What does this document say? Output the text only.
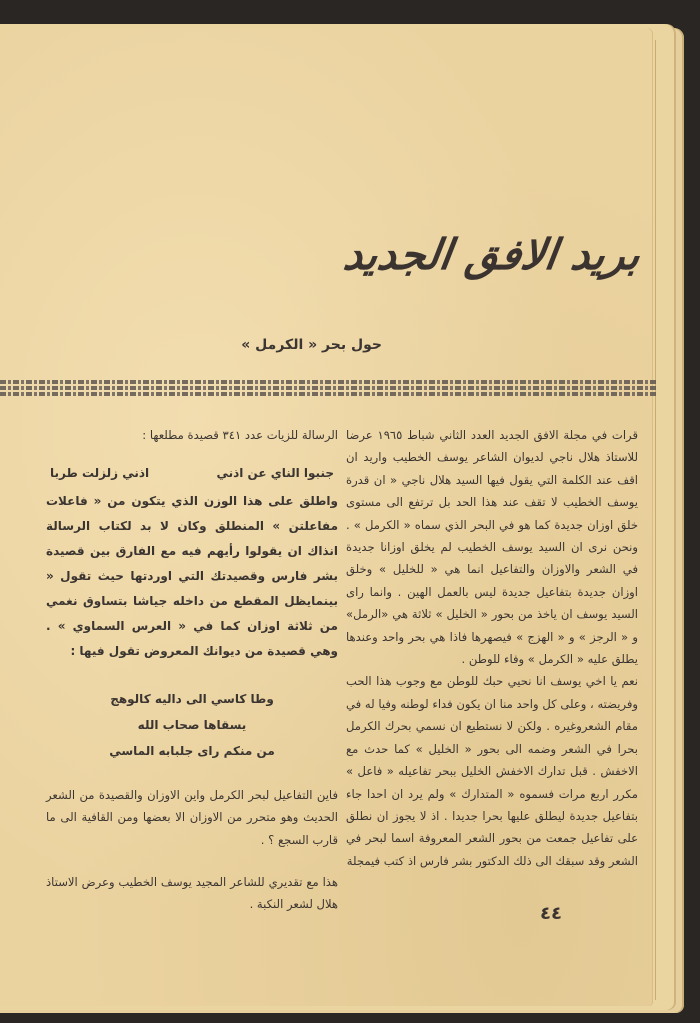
بريد الافق الجديد
حول بحر « الكرمل »

قرات في مجلة الافق الجديد العدد الثاني شباط ١٩٦٥ عرضا للاستاذ هلال ناجي لديوان الشاعر يوسف الخطيب واريد ان اقف عند الكلمة التي يقول فيها السيد هلال ناجي « ان قدرة يوسف الخطيب لا تقف عند هذا الحد بل ترتفع الى مستوى خلق اوزان جديدة كما هو في البحر الذي سماه « الكرمل » . ونحن نرى ان السيد يوسف الخطيب لم يخلق اوزانا جديدة في الشعر والاوزان والتفاعيل انما هي « للخليل » وخلق اوزان جديدة بتفاعيل جديدة ليس بالعمل الهين . وانما راى السيد يوسف ان ياخذ من بحور « الخليل » ثلاثة هي «الرمل» و « الرجز » و « الهزج » فيصهرها فاذا هي بحر واحد وعندها يطلق عليه « الكرمل » وفاء للوطن .

نعم يا اخي يوسف انا نحيي حبك للوطن مع وجوب هذا الحب وفريضته ، وعلى كل واحد منا ان يكون فداء لوطنه وفيا له في مقام الشعروغيره . ولكن لا نستطيع ان نسمي بحرك الكرمل بحرا في الشعر وضمه الى بحور « الخليل » كما حدث مع الاخفش . قبل تدارك الاخفش الخليل ببحر تفاعيله « فاعل » مكرر اربع مرات فسموه « المتدارك » ولم يرد ان احدا جاء بتفاعيل جديدة ليطلق عليها بحرا جديدا . اذ لا يجوز ان نطلق على تفاعيل جمعت من بحور الشعر المعروفة اسما لبحر في الشعر وقد سبقك الى ذلك الدكتور بشر فارس اذ كتب فيمجلة

الرسالة للزيات عدد ٣٤١ قصيدة مطلعها :

جنبوا الناي عن اذني
اذني زلزلت طربا

واطلق على هذا الوزن الذي يتكون من « فاعلات مفاعلتن » المنطلق وكان لا بد لكتاب الرسالة انذاك ان يقولوا رأيهم فيه مع الفارق بين قصيدة بشر فارس وقصيدتك التي اوردتها حيث تقول « بينمايظل المقطع من داخله جياشا بتساوق نغمي من ثلاثة اوزان كما في « العرس السماوي » . وهي قصيدة من ديوانك المعروض تقول فيها :

وطا كاسي الى داليه كالوهج
يسقاها صحاب الله
من منكم راى جلبابه الماسي

فاين التفاعيل لبحر الكرمل واين الاوزان والقصيدة من الشعر الحديث وهو متحرر من الاوزان الا بعضها ومن القافية الى ما قارب السجع ؟ .

هذا مع تقديري للشاعر المجيد يوسف الخطيب وعرض الاستاذ هلال لشعر النكبة .	٤٤
